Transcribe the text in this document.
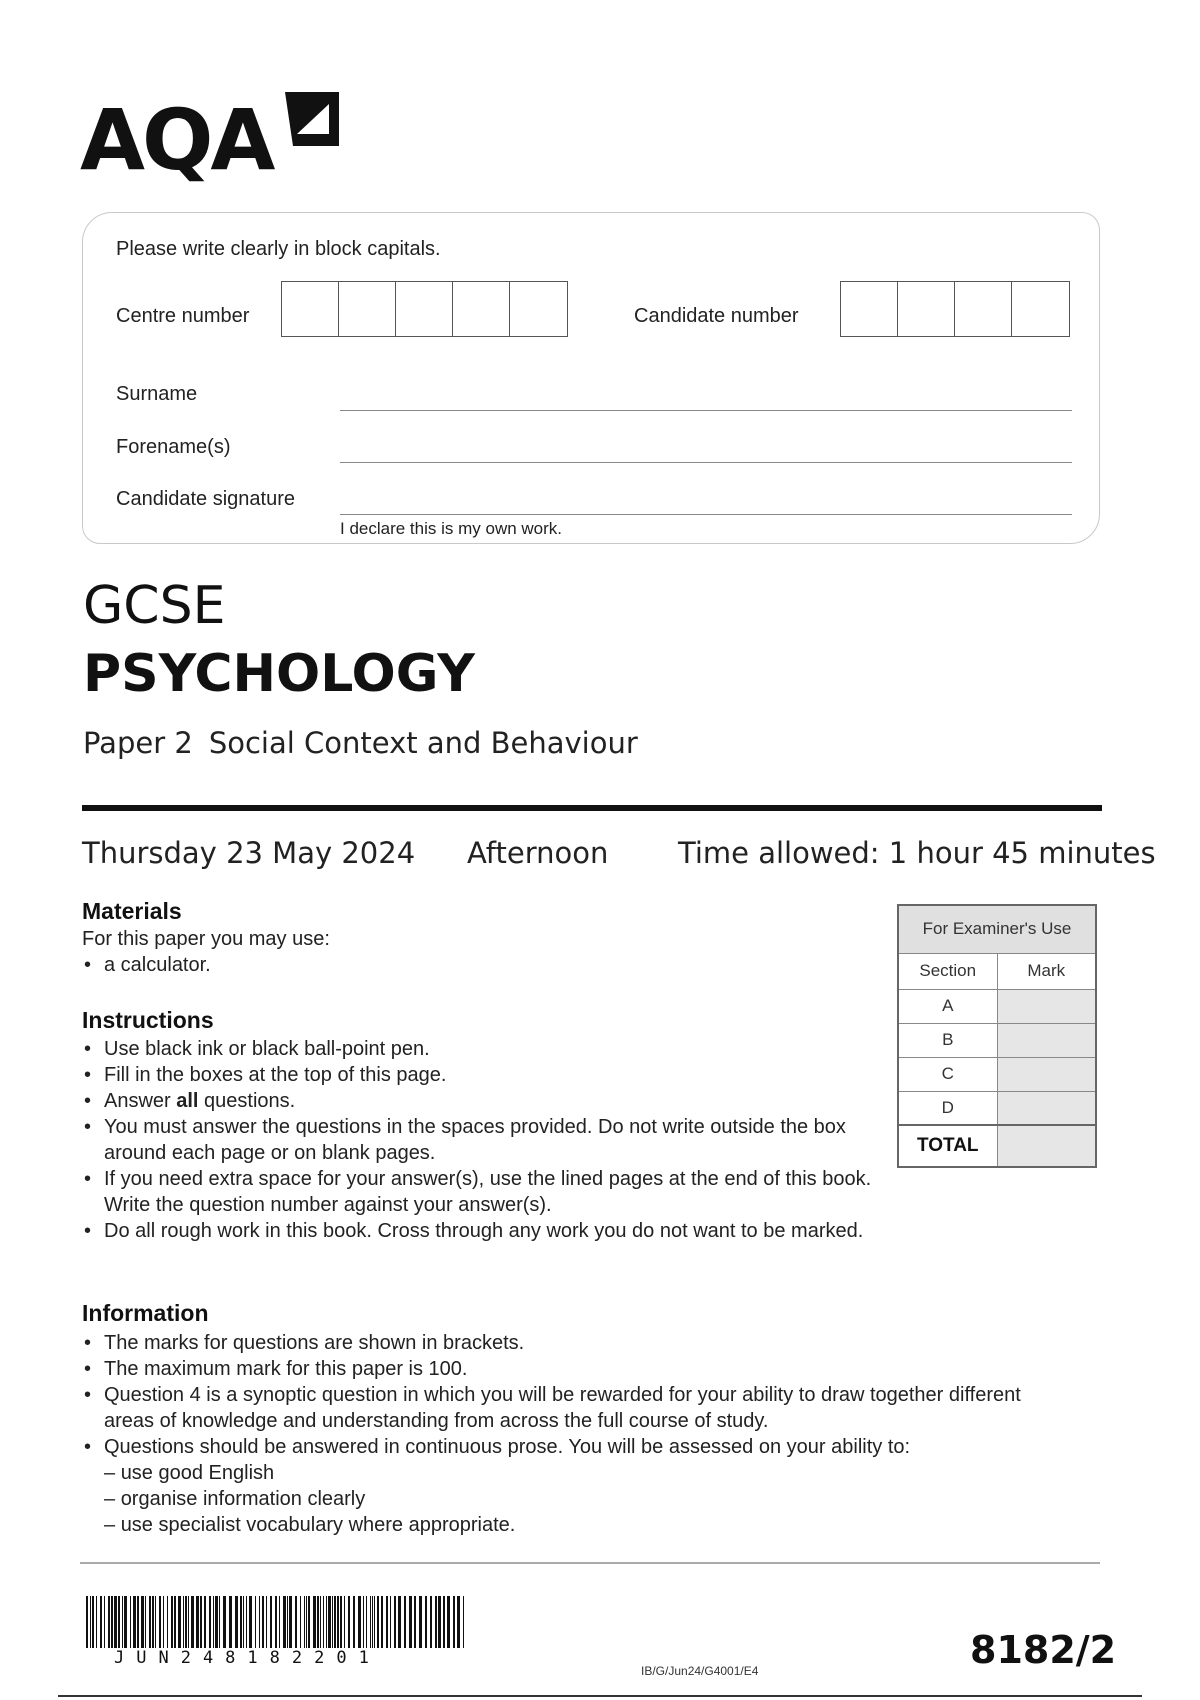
AQA
Please write clearly in block capitals.
Centre number	Candidate number
Surname
Forename(s)
Candidate signature
I declare this is my own work.
GCSE
PSYCHOLOGY
Paper 2 Social Context and Behaviour
Thursday 23 May 2024 Afternoon Time allowed: 1 hour 45 minutes
Materials
For this paper you may use:
• a calculator.
Instructions
• Use black ink or black ball-point pen.
• Fill in the boxes at the top of this page.
• Answer all questions.
• You must answer the questions in the spaces provided. Do not write outside the box around each page or on blank pages.
• If you need extra space for your answer(s), use the lined pages at the end of this book. Write the question number against your answer(s).
• Do all rough work in this book. Cross through any work you do not want to be marked.
Information
• The marks for questions are shown in brackets.
• The maximum mark for this paper is 100.
• Question 4 is a synoptic question in which you will be rewarded for your ability to draw together different areas of knowledge and understanding from across the full course of study.
• Questions should be answered in continuous prose. You will be assessed on your ability to:
– use good English
– organise information clearly
– use specialist vocabulary where appropriate.
For Examiner's Use	
Section	Mark
A	
B	
C	
D	
TOTAL	
JUN248182201
IB/G/Jun24/G4001/E4	8182/2
